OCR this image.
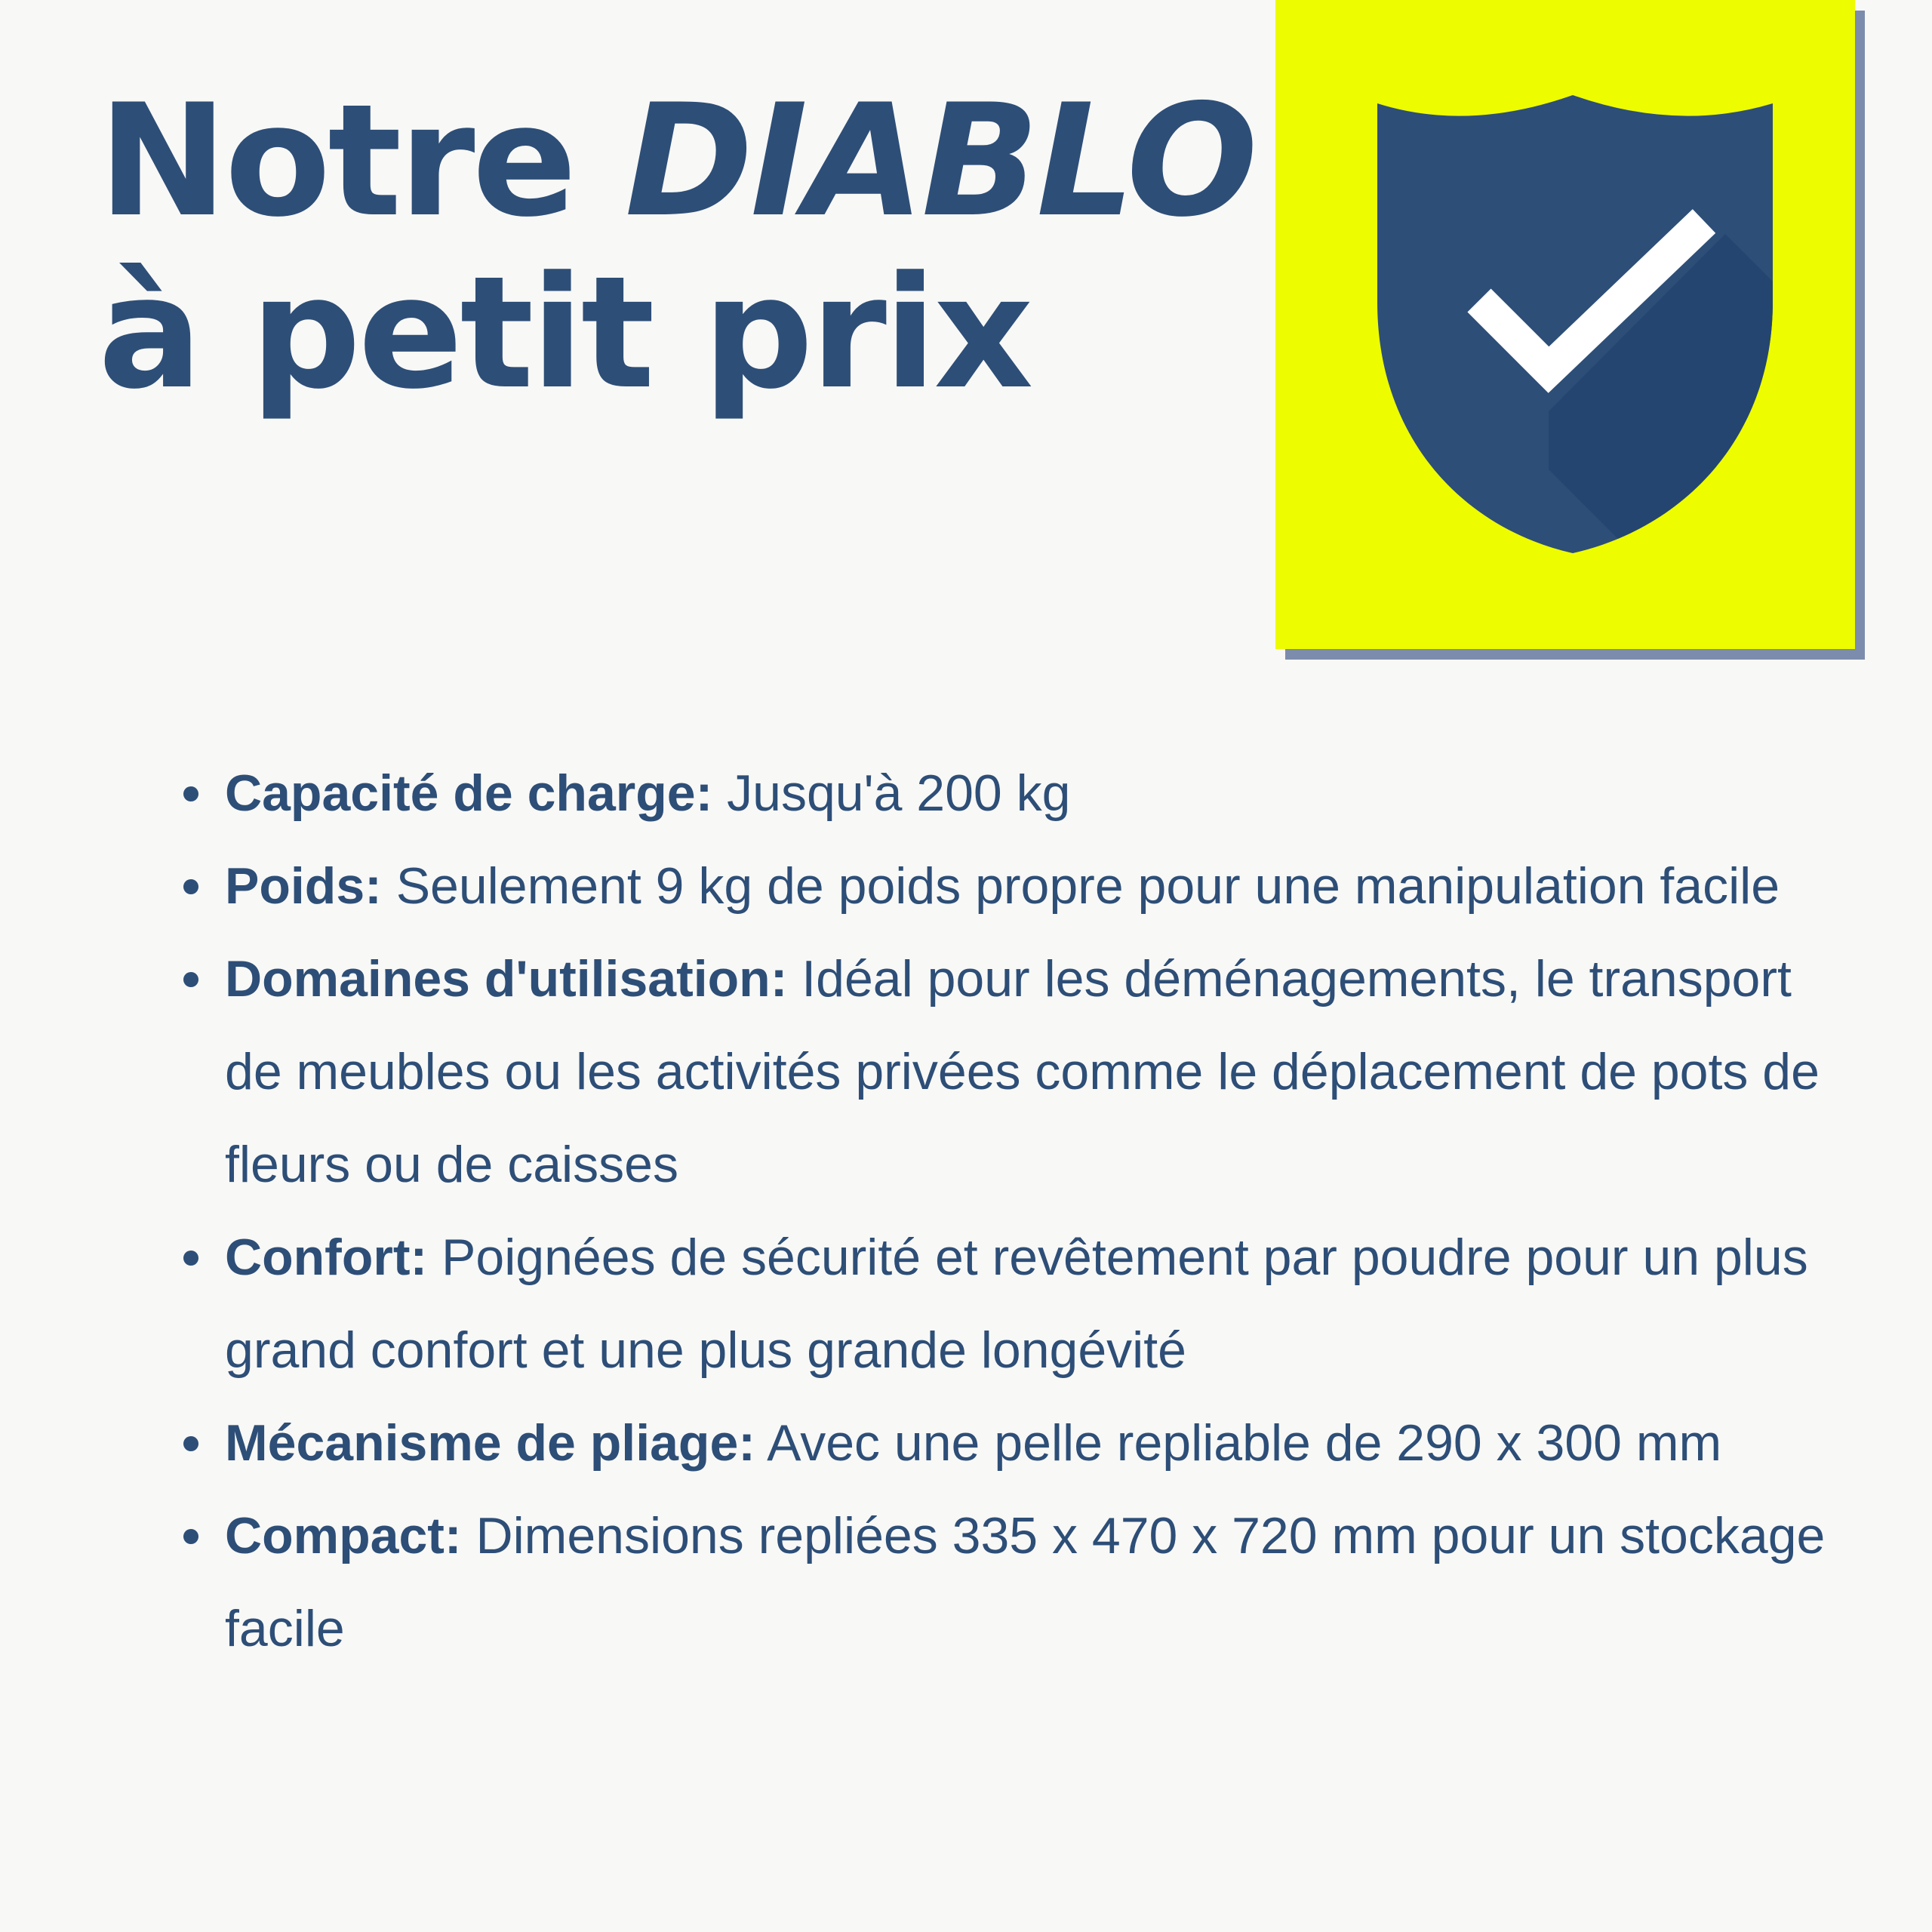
Notre DIABLO
à petit prix
Capacité de charge: Jusqu'à 200 kg
Poids: Seulement 9 kg de poids propre pour une manipulation facile
Domaines d'utilisation: Idéal pour les déménagements, le transport de meubles ou les activités privées comme le déplacement de pots de fleurs ou de caisses
Confort: Poignées de sécurité et revêtement par poudre pour un plus grand confort et une plus grande longévité
Mécanisme de pliage: Avec une pelle repliable de 290 x 300 mm
Compact: Dimensions repliées 335 x 470 x 720 mm pour un stockage facile
